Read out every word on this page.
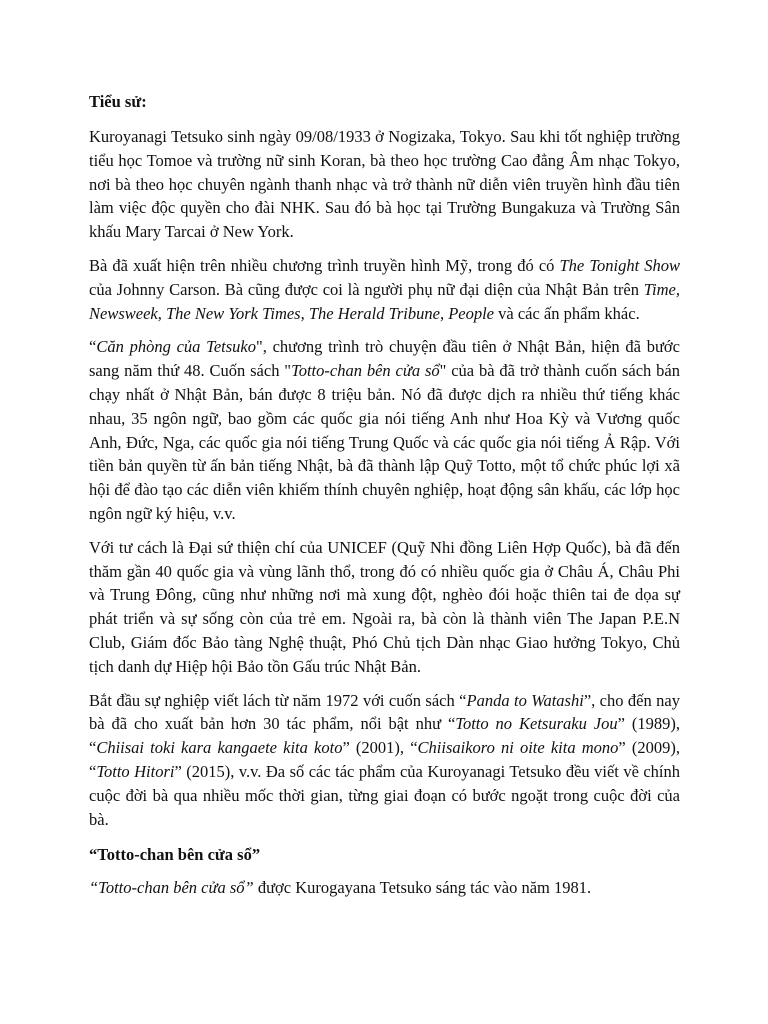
Tiểu sử:

Kuroyanagi Tetsuko sinh ngày 09/08/1933 ở Nogizaka, Tokyo. Sau khi tốt nghiệp trường tiểu học Tomoe và trường nữ sinh Koran, bà theo học trường Cao đẳng Âm nhạc Tokyo, nơi bà theo học chuyên ngành thanh nhạc và trở thành nữ diễn viên truyền hình đầu tiên làm việc độc quyền cho đài NHK. Sau đó bà học tại Trường Bungakuza và Trường Sân khấu Mary Tarcai ở New York.

Bà đã xuất hiện trên nhiều chương trình truyền hình Mỹ, trong đó có The Tonight Show của Johnny Carson. Bà cũng được coi là người phụ nữ đại diện của Nhật Bản trên Time, Newsweek, The New York Times, The Herald Tribune, People và các ấn phẩm khác.

“Căn phòng của Tetsuko", chương trình trò chuyện đầu tiên ở Nhật Bản, hiện đã bước sang năm thứ 48. Cuốn sách "Totto-chan bên cửa sổ" của bà đã trở thành cuốn sách bán chạy nhất ở Nhật Bản, bán được 8 triệu bản. Nó đã được dịch ra nhiều thứ tiếng khác nhau, 35 ngôn ngữ, bao gồm các quốc gia nói tiếng Anh như Hoa Kỳ và Vương quốc Anh, Đức, Nga, các quốc gia nói tiếng Trung Quốc và các quốc gia nói tiếng Ả Rập. Với tiền bản quyền từ ấn bản tiếng Nhật, bà đã thành lập Quỹ Totto, một tổ chức phúc lợi xã hội để đào tạo các diễn viên khiếm thính chuyên nghiệp, hoạt động sân khấu, các lớp học ngôn ngữ ký hiệu, v.v.

Với tư cách là Đại sứ thiện chí của UNICEF (Quỹ Nhi đồng Liên Hợp Quốc), bà đã đến thăm gần 40 quốc gia và vùng lãnh thổ, trong đó có nhiều quốc gia ở Châu Á, Châu Phi và Trung Đông, cũng như những nơi mà xung đột, nghèo đói hoặc thiên tai đe dọa sự phát triển và sự sống còn của trẻ em. Ngoài ra, bà còn là thành viên The Japan P.E.N Club, Giám đốc Bảo tàng Nghệ thuật, Phó Chủ tịch Dàn nhạc Giao hưởng Tokyo, Chủ tịch danh dự Hiệp hội Bảo tồn Gấu trúc Nhật Bản.

Bắt đầu sự nghiệp viết lách từ năm 1972 với cuốn sách “Panda to Watashi”, cho đến nay bà đã cho xuất bản hơn 30 tác phẩm, nổi bật như “Totto no Ketsuraku Jou” (1989), “Chiisai toki kara kangaete kita koto” (2001), “Chiisaikoro ni oite kita mono” (2009), “Totto Hitori” (2015), v.v. Đa số các tác phẩm của Kuroyanagi Tetsuko đều viết về chính cuộc đời bà qua nhiều mốc thời gian, từng giai đoạn có bước ngoặt trong cuộc đời của bà.

“Totto-chan bên cửa sổ”

“Totto-chan bên cửa sổ” được Kurogayana Tetsuko sáng tác vào năm 1981.
